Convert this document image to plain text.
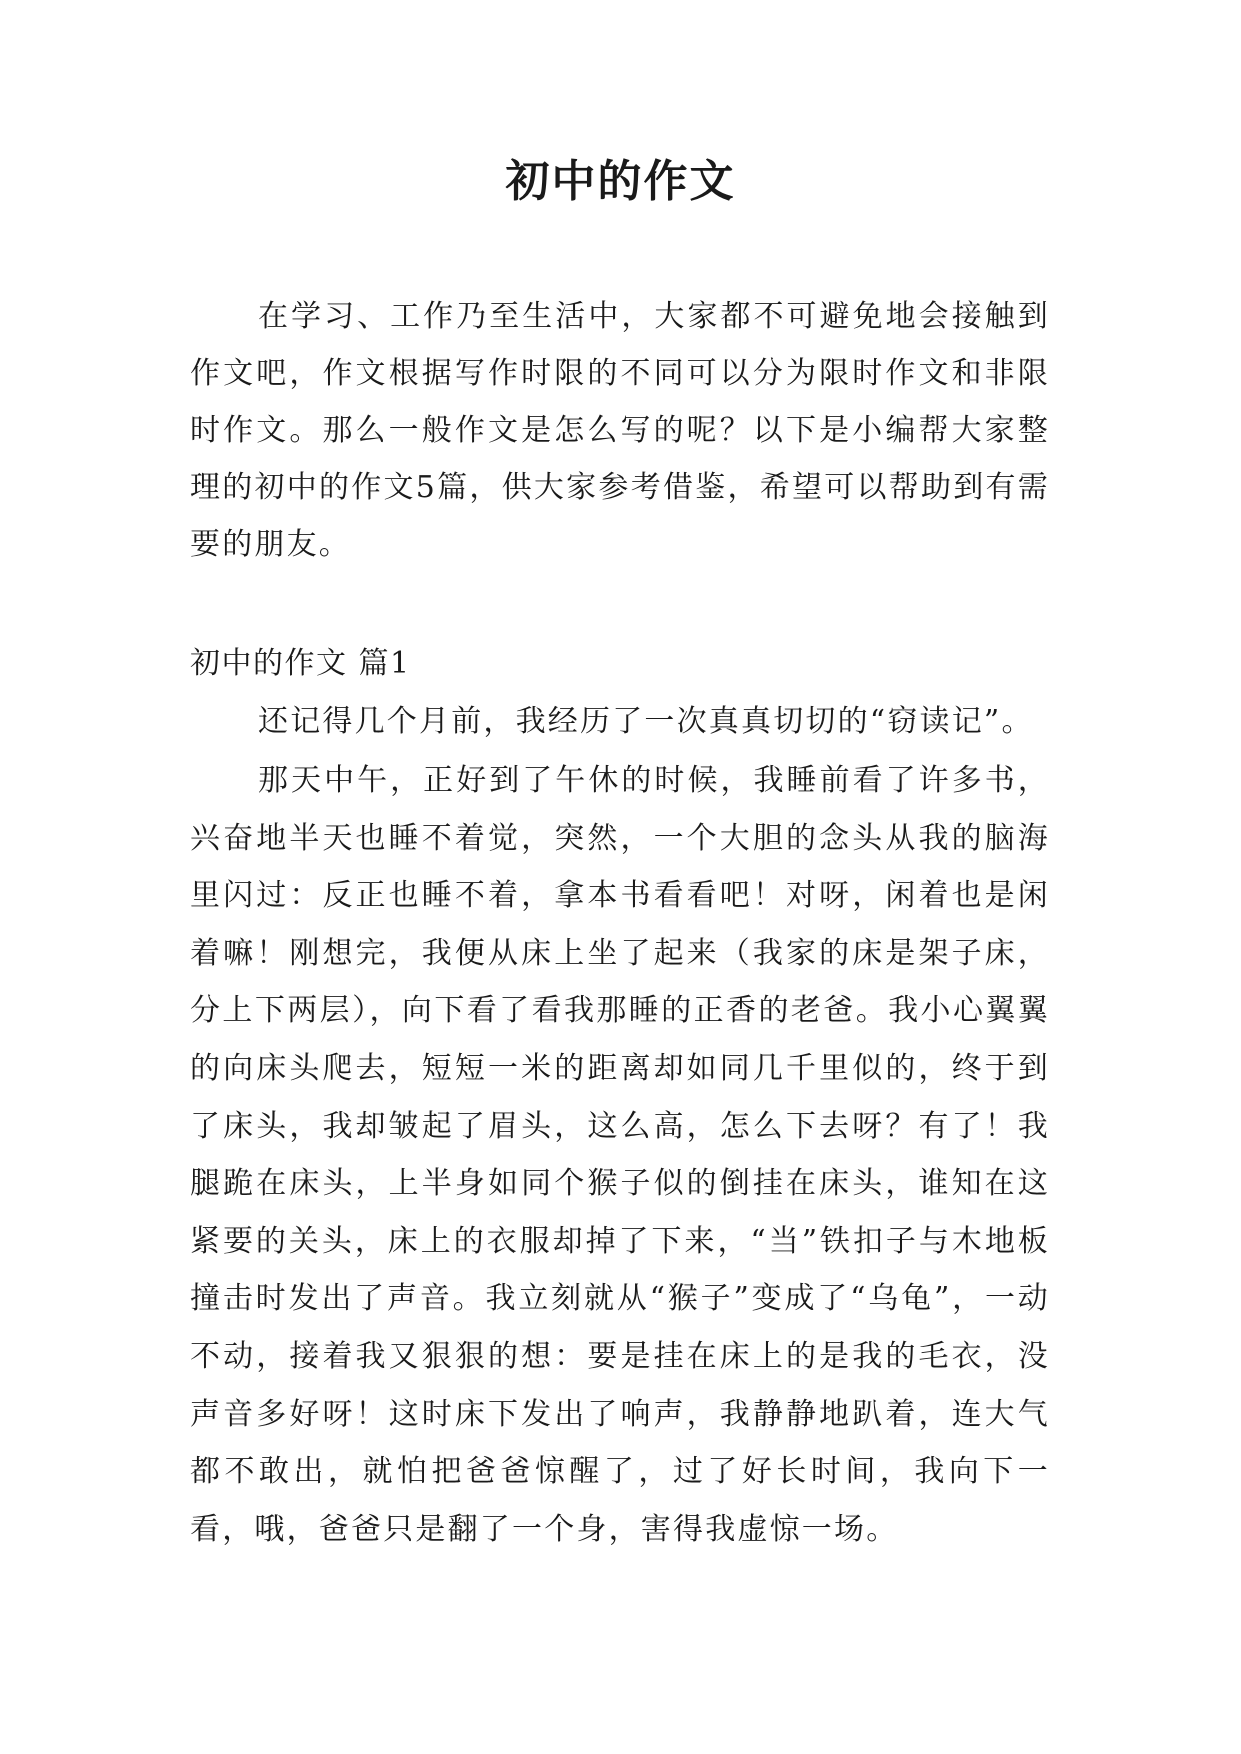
初中的作文

在学习、工作乃至生活中，大家都不可避免地会接触到作文吧，作文根据写作时限的不同可以分为限时作文和非限时作文。那么一般作文是怎么写的呢？以下是小编帮大家整理的初中的作文5篇，供大家参考借鉴，希望可以帮助到有需要的朋友。

初中的作文 篇1

还记得几个月前，我经历了一次真真切切的“窃读记”。

那天中午，正好到了午休的时候，我睡前看了许多书，兴奋地半天也睡不着觉，突然，一个大胆的念头从我的脑海里闪过：反正也睡不着，拿本书看看吧！对呀，闲着也是闲着嘛！刚想完，我便从床上坐了起来（我家的床是架子床，分上下两层），向下看了看我那睡的正香的老爸。我小心翼翼的向床头爬去，短短一米的距离却如同几千里似的，终于到了床头，我却皱起了眉头，这么高，怎么下去呀？有了！我腿跪在床头，上半身如同个猴子似的倒挂在床头，谁知在这紧要的关头，床上的衣服却掉了下来，“当”铁扣子与木地板撞击时发出了声音。我立刻就从“猴子”变成了“乌龟”，一动不动，接着我又狠狠的想：要是挂在床上的是我的毛衣，没声音多好呀！这时床下发出了响声，我静静地趴着，连大气都不敢出，就怕把爸爸惊醒了，过了好长时间，我向下一看，哦，爸爸只是翻了一个身，害得我虚惊一场。
